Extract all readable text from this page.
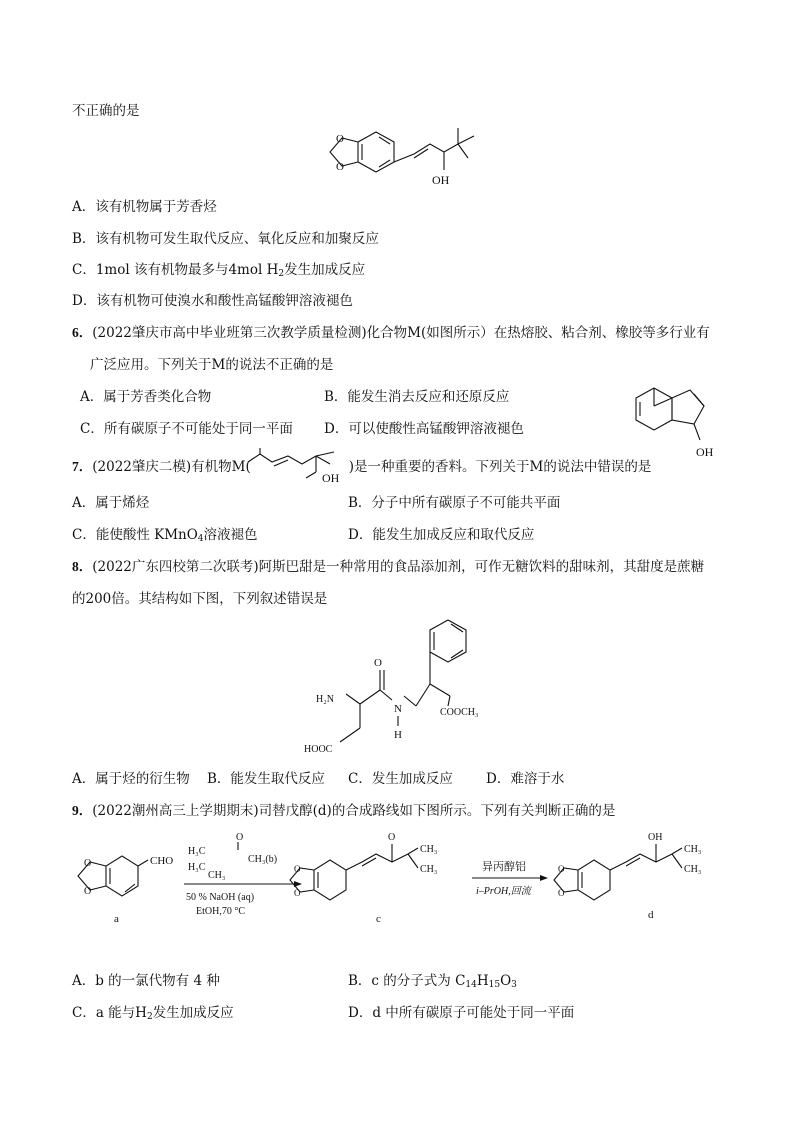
不正确的是
O
O
OH
A．该有机物属于芳香烃
B．该有机物可发生取代反应、氧化反应和加聚反应
C．1mol 该有机物最多与4mol $H_2$发生加成反应
D．该有机物可使溴水和酸性高锰酸钾溶液褪色
6．(2022肇庆市高中毕业班第三次教学质量检测)化合物M(如图所示）在热熔胶、粘合剂、橡胶等多行业有
广泛应用。下列关于M的说法不正确的是
A．属于芳香类化合物	B．能发生消去反应和还原反应
C．所有碳原子不可能处于同一平面 D．可以使酸性高锰酸钾溶液褪色
OH
7．(2022肇庆二模)有机物M(	)是一种重要的香料。下列关于M的说法中错误的是
OH
A．属于烯烃	B．分子中所有碳原子不可能共平面
C．能使酸性 KMnO$_4$溶液褪色	D．能发生加成反应和取代反应
8．(2022广东四校第二次联考)阿斯巴甜是一种常用的食品添加剂，可作无糖饮料的甜味剂，其甜度是蔗糖
的200倍。其结构如下图，下列叙述错误是
COOCH₃
N
H
O
H₂N
HOOC
A．属于烃的衍生物 B．能发生取代反应 C．发生加成反应 D．难溶于水
9．(2022潮州高三上学期期末)司替戊醇(d)的合成路线如下图所示。下列有关判断正确的是
O
O
CHO
a
O
H₃C
H₃C
CH₃(b)
CH₃
50 % NaOH (aq)
EtOH,70 °C
O
O
O
CH₃
CH₃
c
异丙醇铝
i–PrOH,回流
O
O
OH
CH₃
CH₃
d
A．b 的一氯代物有 4 种	B．c 的分子式为 $C_{14}H_{15}O_3$
C．a 能与$H_2$发生加成反应	D．d 中所有碳原子可能处于同一平面
